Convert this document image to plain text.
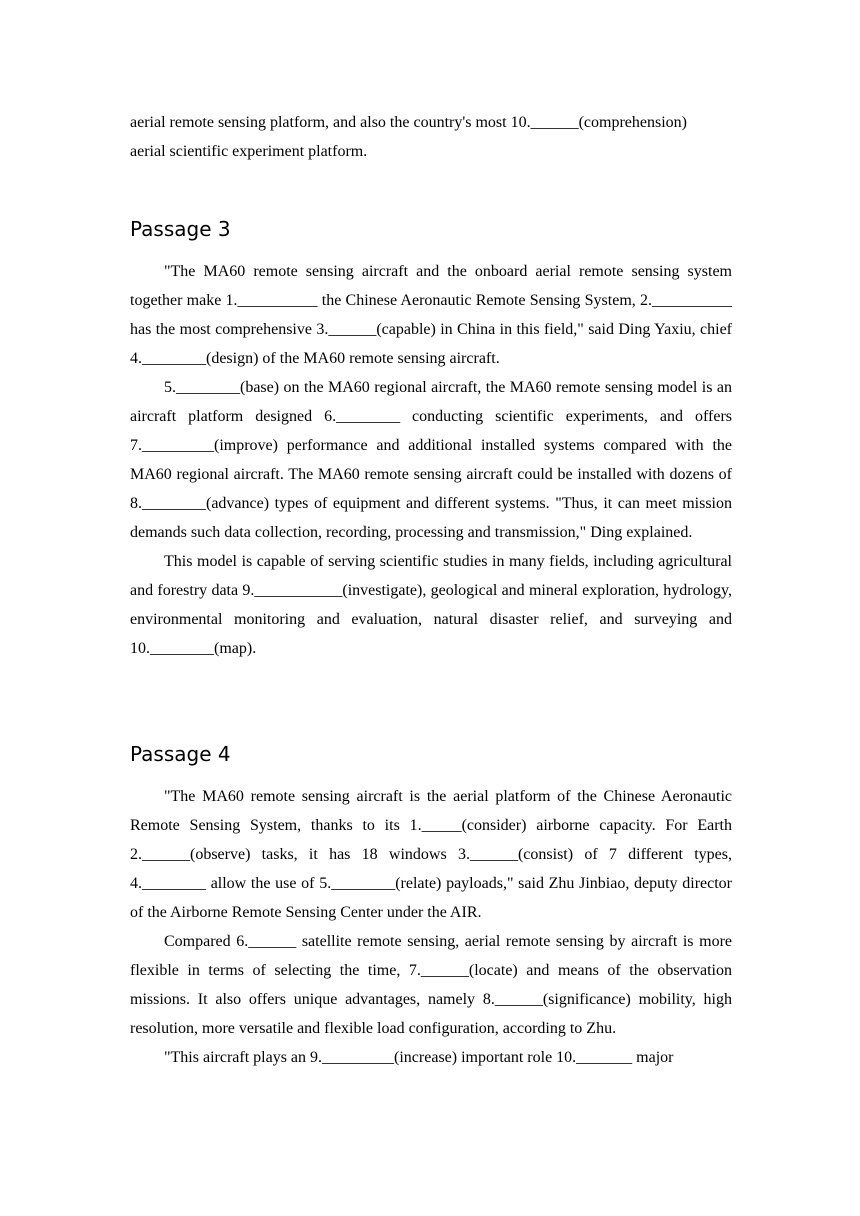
aerial remote sensing platform, and also the country's most 10.______(comprehension)

aerial scientific experiment platform.

Passage 3

"The MA60 remote sensing aircraft and the onboard aerial remote sensing system together make 1.__________ the Chinese Aeronautic Remote Sensing System, 2.__________ has the most comprehensive 3.______(capable) in China in this field," said Ding Yaxiu, chief 4.________(design) of the MA60 remote sensing aircraft.

5.________(base) on the MA60 regional aircraft, the MA60 remote sensing model is an aircraft platform designed 6.________ conducting scientific experiments, and offers 7._________(improve) performance and additional installed systems compared with the MA60 regional aircraft. The MA60 remote sensing aircraft could be installed with dozens of 8.________(advance) types of equipment and different systems. "Thus, it can meet mission demands such data collection, recording, processing and transmission," Ding explained.

This model is capable of serving scientific studies in many fields, including agricultural and forestry data 9.___________(investigate), geological and mineral exploration, hydrology, environmental monitoring and evaluation, natural disaster relief, and surveying and 10.________(map).

Passage 4

"The MA60 remote sensing aircraft is the aerial platform of the Chinese Aeronautic Remote Sensing System, thanks to its 1._____(consider) airborne capacity. For Earth 2.______(observe) tasks, it has 18 windows 3.______(consist) of 7 different types, 4.________ allow the use of 5.________(relate) payloads," said Zhu Jinbiao, deputy director of the Airborne Remote Sensing Center under the AIR.

Compared 6.______ satellite remote sensing, aerial remote sensing by aircraft is more flexible in terms of selecting the time, 7.______(locate) and means of the observation missions. It also offers unique advantages, namely 8.______(significance) mobility, high resolution, more versatile and flexible load configuration, according to Zhu.

"This aircraft plays an 9._________(increase) important role 10._______ major
